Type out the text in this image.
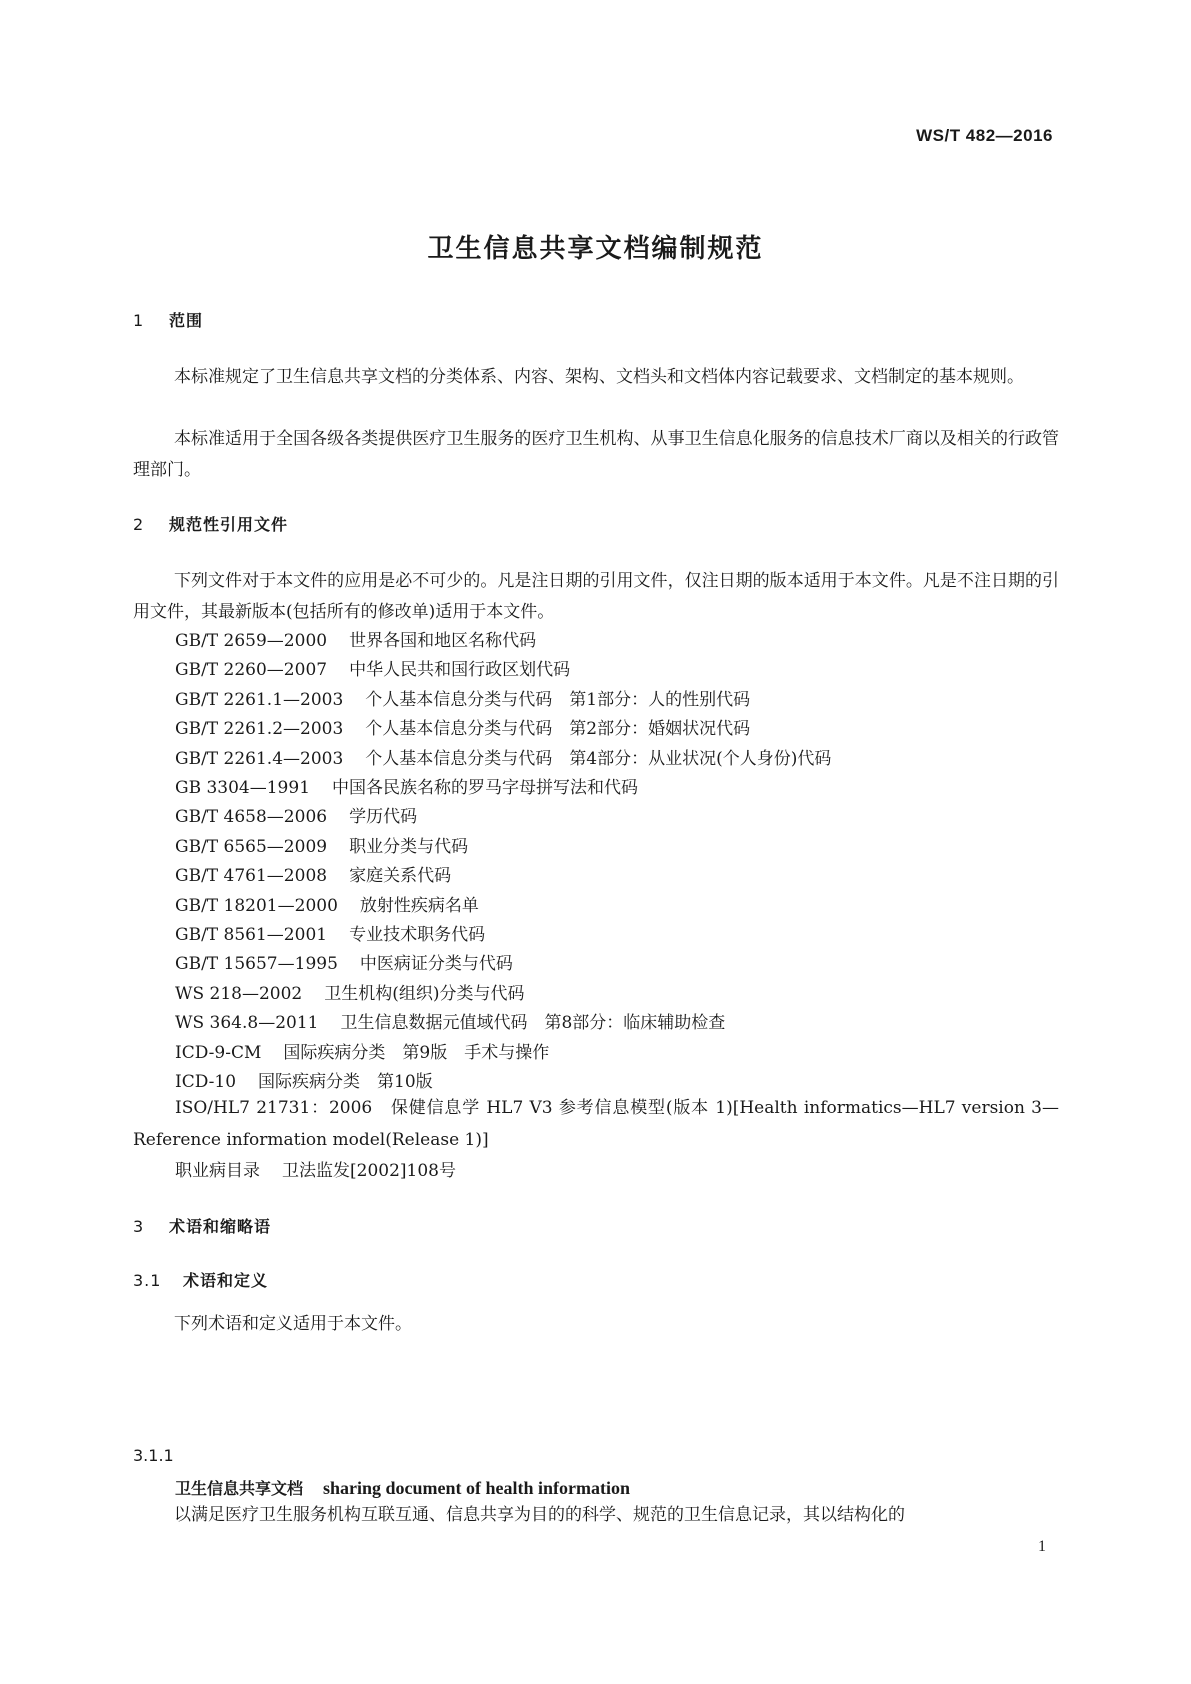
WS/T 482—2016
卫生信息共享文档编制规范
1 范围
本标准规定了卫生信息共享文档的分类体系、内容、架构、文档头和文档体内容记载要求、文档制定的基本规则。
本标准适用于全国各级各类提供医疗卫生服务的医疗卫生机构、从事卫生信息化服务的信息技术厂商以及相关的行政管理部门。
2 规范性引用文件
下列文件对于本文件的应用是必不可少的。凡是注日期的引用文件，仅注日期的版本适用于本文件。凡是不注日期的引用文件，其最新版本(包括所有的修改单)适用于本文件。
GB/T 2659—2000 世界各国和地区名称代码
GB/T 2260—2007 中华人民共和国行政区划代码
GB/T 2261.1—2003 个人基本信息分类与代码　第1部分：人的性别代码
GB/T 2261.2—2003 个人基本信息分类与代码　第2部分：婚姻状况代码
GB/T 2261.4—2003 个人基本信息分类与代码　第4部分：从业状况(个人身份)代码
GB 3304—1991 中国各民族名称的罗马字母拼写法和代码
GB/T 4658—2006 学历代码
GB/T 6565—2009 职业分类与代码
GB/T 4761—2008 家庭关系代码
GB/T 18201—2000 放射性疾病名单
GB/T 8561—2001 专业技术职务代码
GB/T 15657—1995 中医病证分类与代码
WS 218—2002 卫生机构(组织)分类与代码
WS 364.8—2011 卫生信息数据元值域代码　第8部分：临床辅助检查
ICD-9-CM 国际疾病分类　第9版　手术与操作
ICD-10 国际疾病分类　第10版
ISO/HL7 21731：2006　保健信息学 HL7 V3 参考信息模型(版本 1)[Health informatics—HL7 version 3—Reference information model(Release 1)]
职业病目录 卫法监发[2002]108号
3 术语和缩略语
3.1 术语和定义
下列术语和定义适用于本文件。
3.1.1
卫生信息共享文档 sharing document of health information
以满足医疗卫生服务机构互联互通、信息共享为目的的科学、规范的卫生信息记录，其以结构化的
1
